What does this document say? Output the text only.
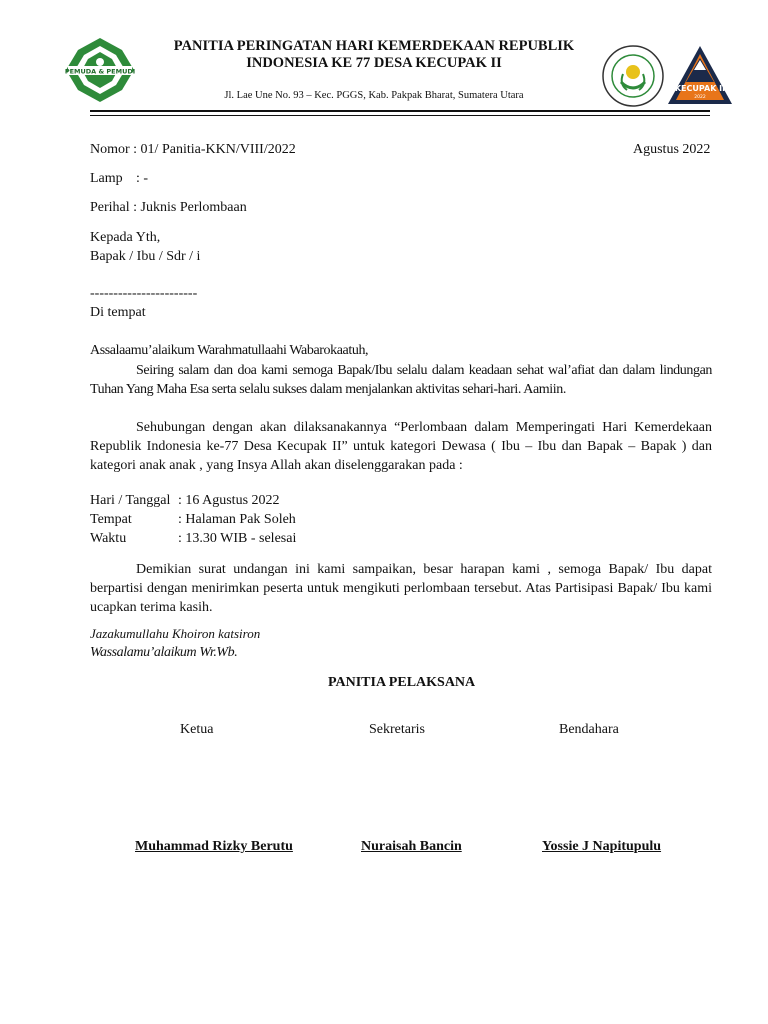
PEMUDA & PEMUDI
PANITIA PERINGATAN HARI KEMERDEKAAN REPUBLIK
INDONESIA KE 77 DESA KECUPAK II
Jl. Lae Une No. 93 – Kec. PGGS, Kab. Pakpak Bharat, Sumatera Utara
KECUPAK II
2022
Nomor : 01/ Panitia-KKN/VIII/2022	Agustus 2022
Lamp : -
Perihal : Juknis Perlombaan
Kepada Yth,
Bapak / Ibu / Sdr / i
-----------------------
Di tempat
Assalaamu’alaikum Warahmatullaahi Wabarokaatuh,
Seiring salam dan doa kami semoga Bapak/Ibu selalu dalam keadaan sehat wal’afiat dan dalam lindungan Tuhan Yang Maha Esa serta selalu sukses dalam menjalankan aktivitas sehari-hari. Aamiin.
Sehubungan dengan akan dilaksanakannya “Perlombaan dalam Memperingati Hari Kemerdekaan Republik Indonesia ke-77 Desa Kecupak II” untuk kategori Dewasa ( Ibu – Ibu dan Bapak – Bapak ) dan kategori anak anak , yang Insya Allah akan diselenggarakan pada :
Hari / Tanggal : 16 Agustus 2022
Tempat	: Halaman Pak Soleh
Waktu	: 13.30 WIB - selesai
Demikian surat undangan ini kami sampaikan, besar harapan kami , semoga Bapak/ Ibu dapat berpartisi dengan menirimkan peserta untuk mengikuti perlombaan tersebut. Atas Partisipasi Bapak/ Ibu kami ucapkan terima kasih.
Jazakumullahu Khoiron katsiron
Wassalamu’alaikum Wr.Wb.
PANITIA PELAKSANA
Ketua	Sekretaris	Bendahara
Muhammad Rizky Berutu	Nuraisah Bancin	Yossie J Napitupulu
